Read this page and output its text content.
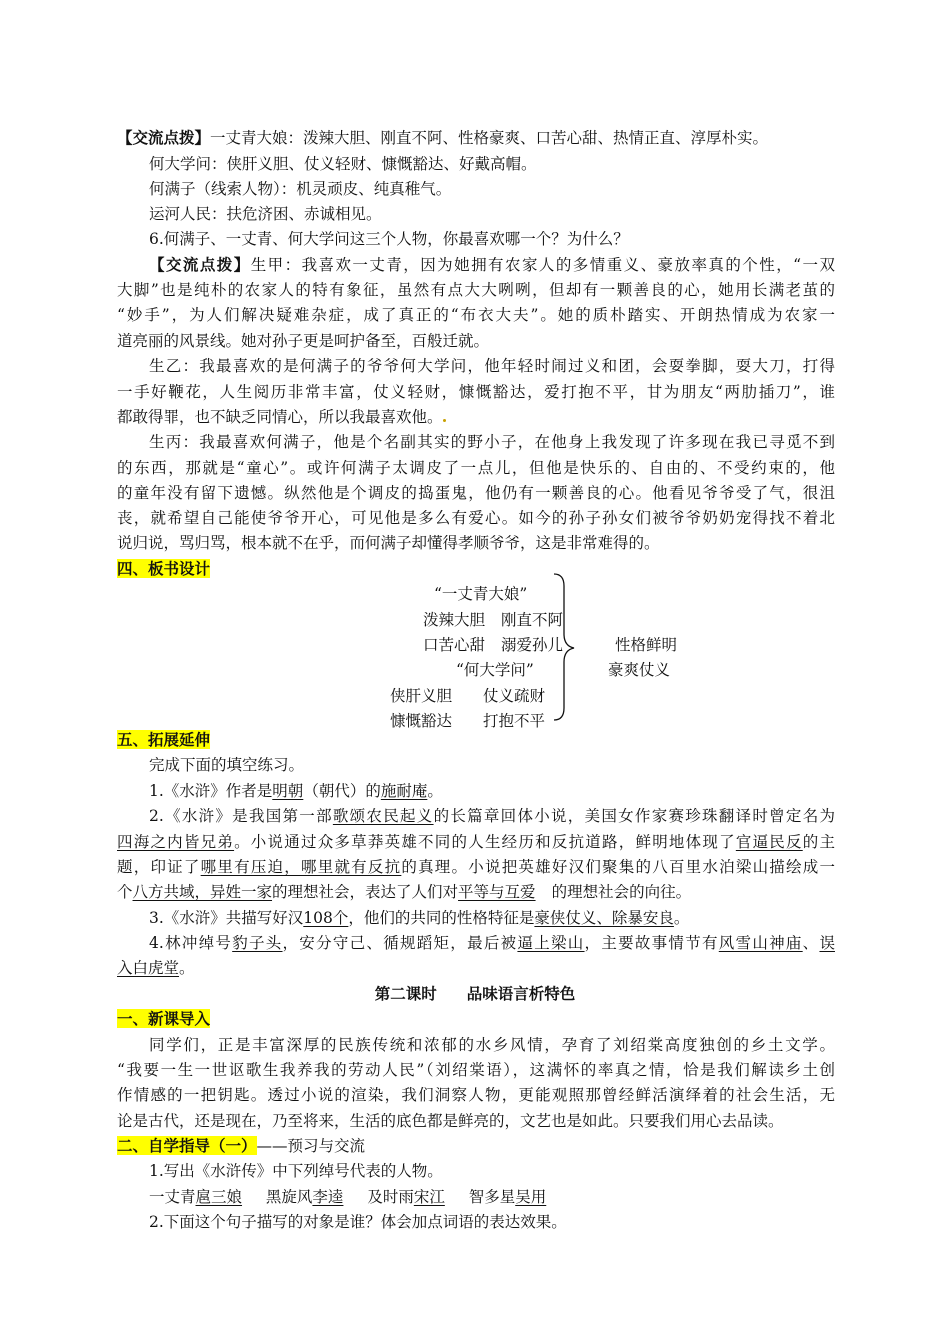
【交流点拨】一丈青大娘：泼辣大胆、刚直不阿、性格豪爽、口苦心甜、热情正直、淳厚朴实。
何大学问：侠肝义胆、仗义轻财、慷慨豁达、好戴高帽。
何满子（线索人物）：机灵顽皮、纯真稚气。
运河人民：扶危济困、赤诚相见。
6.何满子、一丈青、何大学问这三个人物，你最喜欢哪一个？为什么？
【交流点拨】生甲：我喜欢一丈青，因为她拥有农家人的多情重义、豪放率真的个性，“一双
大脚”也是纯朴的农家人的特有象征，虽然有点大大咧咧，但却有一颗善良的心，她用长满老茧的
“妙手”，为人们解决疑难杂症，成了真正的“布衣大夫”。她的质朴踏实、开朗热情成为农家一
道亮丽的风景线。她对孙子更是呵护备至，百般迁就。
生乙：我最喜欢的是何满子的爷爷何大学问，他年轻时闹过义和团，会耍拳脚，耍大刀，打得
一手好鞭花，人生阅历非常丰富，仗义轻财，慷慨豁达，爱打抱不平，甘为朋友“两肋插刀”，谁
都敢得罪，也不缺乏同情心，所以我最喜欢他。
生丙：我最喜欢何满子，他是个名副其实的野小子，在他身上我发现了许多现在我已寻觅不到
的东西，那就是“童心”。或许何满子太调皮了一点儿，但他是快乐的、自由的、不受约束的，他
的童年没有留下遗憾。纵然他是个调皮的捣蛋鬼，他仍有一颗善良的心。他看见爷爷受了气，很沮
丧，就希望自己能使爷爷开心，可见他是多么有爱心。如今的孙子孙女们被爷爷奶奶宠得找不着北
说归说，骂归骂，根本就不在乎，而何满子却懂得孝顺爷爷，这是非常难得的。
四、板书设计
“一丈青大娘”
泼辣大胆 刚直不阿
口苦心甜 溺爱孙儿	性格鲜明
“何大学问”	豪爽仗义
侠肝义胆 仗义疏财
慷慨豁达 打抱不平
五、拓展延伸
完成下面的填空练习。
1.《水浒》作者是明朝（朝代）的施耐庵。
2.《水浒》是我国第一部歌颂农民起义的长篇章回体小说，美国女作家赛珍珠翻译时曾定名为
四海之内皆兄弟。小说通过众多草莽英雄不同的人生经历和反抗道路，鲜明地体现了官逼民反的主
题，印证了哪里有压迫，哪里就有反抗的真理。小说把英雄好汉们聚集的八百里水泊梁山描绘成一
个八方共域，异姓一家的理想社会，表达了人们对平等与互爱 的理想社会的向往。
3.《水浒》共描写好汉108个，他们的共同的性格特征是豪侠仗义、除暴安良。
4.林冲绰号豹子头，安分守己、循规蹈矩，最后被逼上梁山，主要故事情节有风雪山神庙、误
入白虎堂。
第二课时 品味语言析特色
一、新课导入
同学们，正是丰富深厚的民族传统和浓郁的水乡风情，孕育了刘绍棠高度独创的乡土文学。
“我要一生一世讴歌生我养我的劳动人民”（刘绍棠语），这满怀的率真之情，恰是我们解读乡土创
作情感的一把钥匙。透过小说的渲染，我们洞察人物，更能观照那曾经鲜活演绎着的社会生活，无
论是古代，还是现在，乃至将来，生活的底色都是鲜亮的，文艺也是如此。只要我们用心去品读。
二、自学指导（一）——预习与交流
1.写出《水浒传》中下列绰号代表的人物。
一丈青扈三娘 黑旋风李逵 及时雨宋江 智多星吴用
2.下面这个句子描写的对象是谁？体会加点词语的表达效果。
